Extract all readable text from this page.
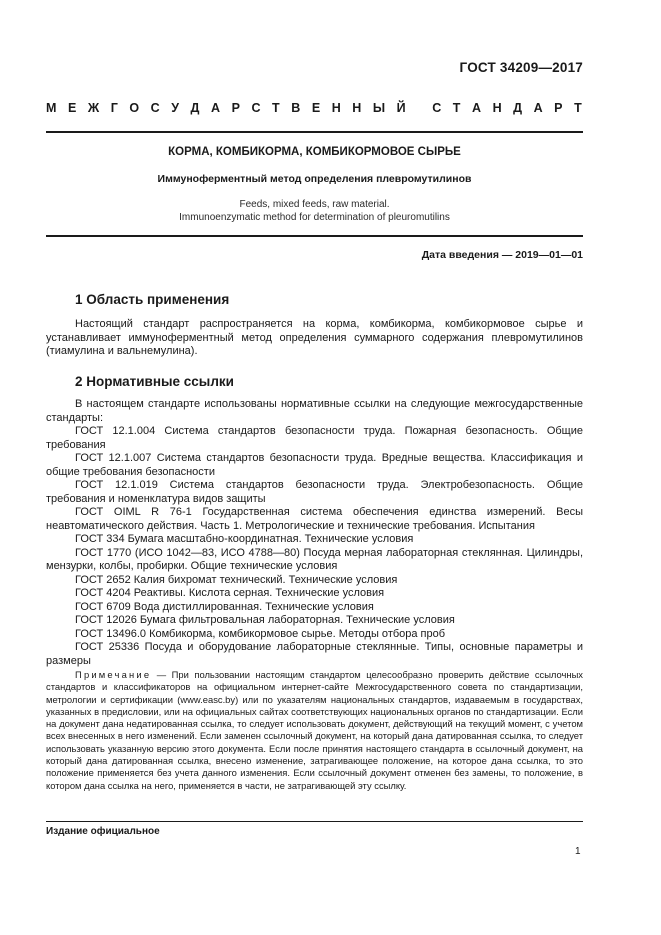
ГОСТ 34209—2017
М Е Ж Г О С У Д А Р С Т В Е Н Н Ы Й
С Т А Н Д А Р Т
КОРМА, КОМБИКОРМА, КОМБИКОРМОВОЕ СЫРЬЕ
Иммуноферментный метод определения плевромутилинов
Feeds, mixed feeds, raw material.
Immunoenzymatic method for determination of pleuromutilins
Дата введения — 2019—01—01
1 Область применения

Настоящий стандарт распространяется на корма, комбикорма, комбикормовое сырье и устанавливает иммуноферментный метод определения суммарного содержания плевромутилинов (тиамулина и вальнемулина).

2 Нормативные ссылки

В настоящем стандарте использованы нормативные ссылки на следующие межгосударственные стандарты:

ГОСТ 12.1.004 Система стандартов безопасности труда. Пожарная безопасность. Общие требования

ГОСТ 12.1.007 Система стандартов безопасности труда. Вредные вещества. Классификация и общие требования безопасности

ГОСТ 12.1.019 Система стандартов безопасности труда. Электробезопасность. Общие требования и номенклатура видов защиты

ГОСТ OIML R 76-1 Государственная система обеспечения единства измерений. Весы неавтоматического действия. Часть 1. Метрологические и технические требования. Испытания

ГОСТ 334 Бумага масштабно-координатная. Технические условия

ГОСТ 1770 (ИСО 1042—83, ИСО 4788—80) Посуда мерная лабораторная стеклянная. Цилиндры, мензурки, колбы, пробирки. Общие технические условия

ГОСТ 2652 Калия бихромат технический. Технические условия

ГОСТ 4204 Реактивы. Кислота серная. Технические условия

ГОСТ 6709 Вода дистиллированная. Технические условия

ГОСТ 12026 Бумага фильтровальная лабораторная. Технические условия

ГОСТ 13496.0 Комбикорма, комбикормовое сырье. Методы отбора проб

ГОСТ 25336 Посуда и оборудование лабораторные стеклянные. Типы, основные параметры и размеры

Примечание — При пользовании настоящим стандартом целесообразно проверить действие ссылочных стандартов и классификаторов на официальном интернет-сайте Межгосударственного совета по стандартизации, метрологии и сертификации (www.easc.by) или по указателям национальных стандартов, издаваемым в государствах, указанных в предисловии, или на официальных сайтах соответствующих национальных органов по стандартизации. Если на документ дана недатированная ссылка, то следует использовать документ, действующий на текущий момент, с учетом всех внесенных в него изменений. Если заменен ссылочный документ, на который дана датированная ссылка, то следует использовать указанную версию этого документа. Если после принятия настоящего стандарта в ссылочный документ, на который дана датированная ссылка, внесено изменение, затрагивающее положение, на которое дана ссылка, то это положение применяется без учета данного изменения. Если ссылочный документ отменен без замены, то положение, в котором дана ссылка на него, применяется в части, не затрагивающей эту ссылку.

Издание официальное
1
